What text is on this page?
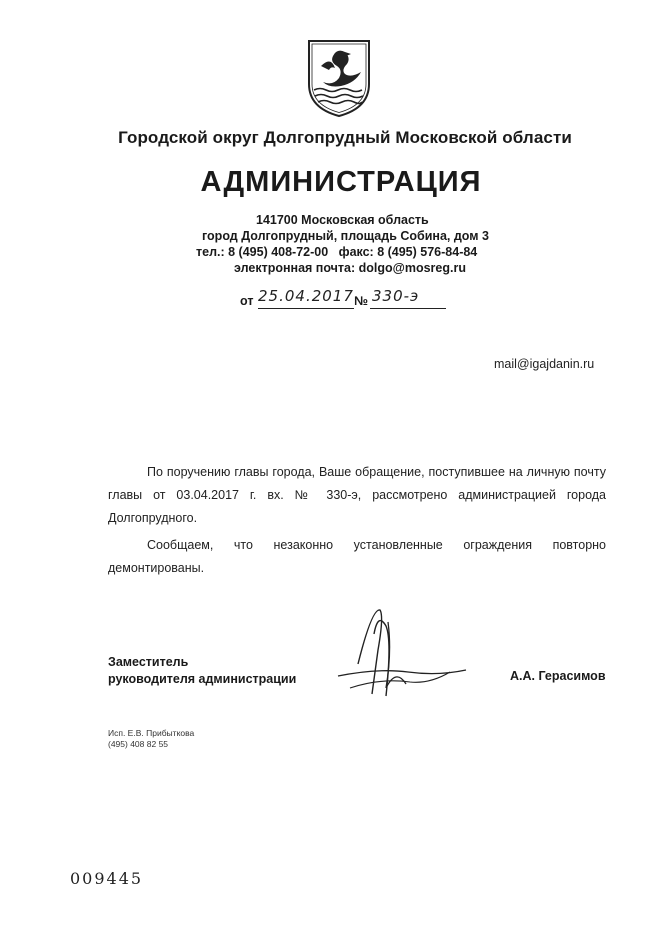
Городской округ Долгопрудный Московской области
АДМИНИСТРАЦИЯ
141700 Московская область
город Долгопрудный, площадь Собина, дом 3
тел.: 8 (495) 408-72-00 факс: 8 (495) 576-84-84
электронная почта: dolgo@mosreg.ru
от 25.04.2017 № 330-э
mail@igajdanin.ru

По поручению главы города, Ваше обращение, поступившее на личную почту главы от 03.04.2017 г. вх. № 330-э, рассмотрено администрацией города Долгопрудного.

Сообщаем, что незаконно установленные ограждения повторно демонтированы.

Заместитель
руководителя администрации	А.А. Герасимов
Исп. Е.В. Прибыткова
(495) 408 82 55
009445
